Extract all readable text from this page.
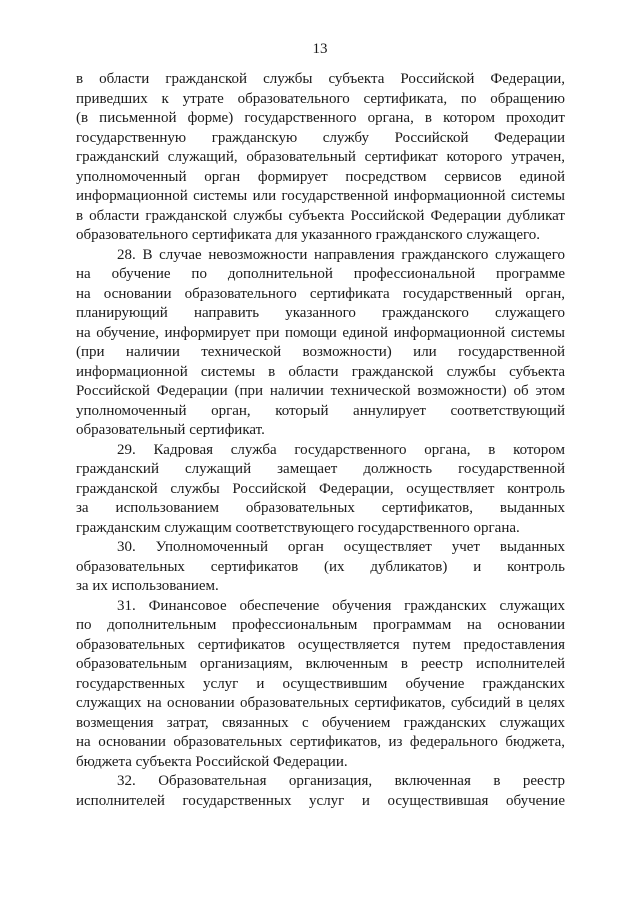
13
в области гражданской службы субъекта Российской Федерации,
приведших к утрате образовательного сертификата, по обращению
(в письменной форме) государственного органа, в котором проходит
государственную гражданскую службу Российской Федерации
гражданский служащий, образовательный сертификат которого утрачен,
уполномоченный орган формирует посредством сервисов единой
информационной системы или государственной информационной системы
в области гражданской службы субъекта Российской Федерации дубликат
образовательного сертификата для указанного гражданского служащего.
28. В случае невозможности направления гражданского служащего
на обучение по дополнительной профессиональной программе
на основании образовательного сертификата государственный орган,
планирующий направить указанного гражданского служащего
на обучение, информирует при помощи единой информационной системы
(при наличии технической возможности) или государственной
информационной системы в области гражданской службы субъекта
Российской Федерации (при наличии технической возможности) об этом
уполномоченный орган, который аннулирует соответствующий
образовательный сертификат.
29. Кадровая служба государственного органа, в котором
гражданский служащий замещает должность государственной
гражданской службы Российской Федерации, осуществляет контроль
за использованием образовательных сертификатов, выданных
гражданским служащим соответствующего государственного органа.
30. Уполномоченный орган осуществляет учет выданных
образовательных сертификатов (их дубликатов) и контроль
за их использованием.
31. Финансовое обеспечение обучения гражданских служащих
по дополнительным профессиональным программам на основании
образовательных сертификатов осуществляется путем предоставления
образовательным организациям, включенным в реестр исполнителей
государственных услуг и осуществившим обучение гражданских
служащих на основании образовательных сертификатов, субсидий в целях
возмещения затрат, связанных с обучением гражданских служащих
на основании образовательных сертификатов, из федерального бюджета,
бюджета субъекта Российской Федерации.
32. Образовательная организация, включенная в реестр
исполнителей государственных услуг и осуществившая обучение
